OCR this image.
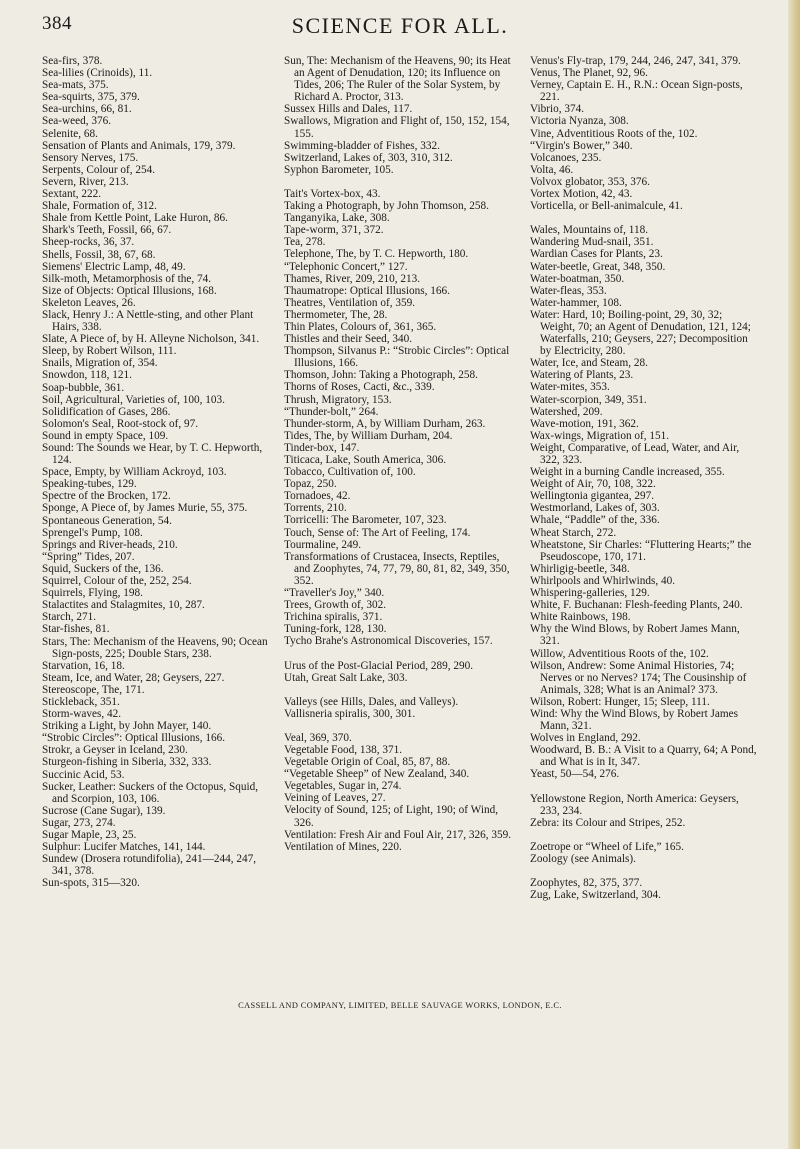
384	SCIENCE FOR ALL.

Sea-firs, 378.

Sea-lilies (Crinoids), 11.

Sea-mats, 375.

Sea-squirts, 375, 379.

Sea-urchins, 66, 81.

Sea-weed, 376.

Selenite, 68.

Sensation of Plants and Animals, 179, 379.

Sensory Nerves, 175.

Serpents, Colour of, 254.

Severn, River, 213.

Sextant, 222.

Shale, Formation of, 312.

Shale from Kettle Point, Lake Huron, 86.

Shark's Teeth, Fossil, 66, 67.

Sheep-rocks, 36, 37.

Shells, Fossil, 38, 67, 68.

Siemens' Electric Lamp, 48, 49.

Silk-moth, Metamorphosis of the, 74.

Size of Objects: Optical Illusions, 168.

Skeleton Leaves, 26.

Slack, Henry J.: A Nettle-sting, and other Plant Hairs, 338.

Slate, A Piece of, by H. Alleyne Nicholson, 341.

Sleep, by Robert Wilson, 111.

Snails, Migration of, 354.

Snowdon, 118, 121.

Soap-bubble, 361.

Soil, Agricultural, Varieties of, 100, 103.

Solidification of Gases, 286.

Solomon's Seal, Root-stock of, 97.

Sound in empty Space, 109.

Sound: The Sounds we Hear, by T. C. Hepworth, 124.

Space, Empty, by William Ackroyd, 103.

Speaking-tubes, 129.

Spectre of the Brocken, 172.

Sponge, A Piece of, by James Murie, 55, 375.

Spontaneous Generation, 54.

Sprengel's Pump, 108.

Springs and River-heads, 210.

“Spring” Tides, 207.

Squid, Suckers of the, 136.

Squirrel, Colour of the, 252, 254.

Squirrels, Flying, 198.

Stalactites and Stalagmites, 10, 287.

Starch, 271.

Star-fishes, 81.

Stars, The: Mechanism of the Heavens, 90; Ocean Sign-posts, 225; Double Stars, 238.

Starvation, 16, 18.

Steam, Ice, and Water, 28; Geysers, 227.

Stereoscope, The, 171.

Stickleback, 351.

Storm-waves, 42.

Striking a Light, by John Mayer, 140.

“Strobic Circles”: Optical Illusions, 166.

Strokr, a Geyser in Iceland, 230.

Sturgeon-fishing in Siberia, 332, 333.

Succinic Acid, 53.

Sucker, Leather: Suckers of the Octopus, Squid, and Scorpion, 103, 106.

Sucrose (Cane Sugar), 139.

Sugar, 273, 274.

Sugar Maple, 23, 25.

Sulphur: Lucifer Matches, 141, 144.

Sundew (Drosera rotundifolia), 241—244, 247, 341, 378.

Sun-spots, 315—320.

Sun, The: Mechanism of the Heavens, 90; its Heat an Agent of Denudation, 120; its Influence on Tides, 206; The Ruler of the Solar System, by Richard A. Proctor, 313.

Sussex Hills and Dales, 117.

Swallows, Migration and Flight of, 150, 152, 154, 155.

Swimming-bladder of Fishes, 332.

Switzerland, Lakes of, 303, 310, 312.

Syphon Barometer, 105.

Tait's Vortex-box, 43.

Taking a Photograph, by John Thomson, 258.

Tanganyika, Lake, 308.

Tape-worm, 371, 372.

Tea, 278.

Telephone, The, by T. C. Hepworth, 180.

“Telephonic Concert,” 127.

Thames, River, 209, 210, 213.

Thaumatrope: Optical Illusions, 166.

Theatres, Ventilation of, 359.

Thermometer, The, 28.

Thin Plates, Colours of, 361, 365.

Thistles and their Seed, 340.

Thompson, Silvanus P.: “Strobic Circles”: Optical Illusions, 166.

Thomson, John: Taking a Photograph, 258.

Thorns of Roses, Cacti, &c., 339.

Thrush, Migratory, 153.

“Thunder-bolt,” 264.

Thunder-storm, A, by William Durham, 263.

Tides, The, by William Durham, 204.

Tinder-box, 147.

Titicaca, Lake, South America, 306.

Tobacco, Cultivation of, 100.

Topaz, 250.

Tornadoes, 42.

Torrents, 210.

Torricelli: The Barometer, 107, 323.

Touch, Sense of: The Art of Feeling, 174.

Tourmaline, 249.

Transformations of Crustacea, Insects, Reptiles, and Zoophytes, 74, 77, 79, 80, 81, 82, 349, 350, 352.

“Traveller's Joy,” 340.

Trees, Growth of, 302.

Trichina spiralis, 371.

Tuning-fork, 128, 130.

Tycho Brahe's Astronomical Discoveries, 157.

Urus of the Post-Glacial Period, 289, 290.

Utah, Great Salt Lake, 303.

Valleys (see Hills, Dales, and Valleys).

Vallisneria spiralis, 300, 301.

Veal, 369, 370.

Vegetable Food, 138, 371.

Vegetable Origin of Coal, 85, 87, 88.

“Vegetable Sheep” of New Zealand, 340.

Vegetables, Sugar in, 274.

Veining of Leaves, 27.

Velocity of Sound, 125; of Light, 190; of Wind, 326.

Ventilation: Fresh Air and Foul Air, 217, 326, 359.

Ventilation of Mines, 220.

Venus's Fly-trap, 179, 244, 246, 247, 341, 379.

Venus, The Planet, 92, 96.

Verney, Captain E. H., R.N.: Ocean Sign-posts, 221.

Vibrio, 374.

Victoria Nyanza, 308.

Vine, Adventitious Roots of the, 102.

“Virgin's Bower,” 340.

Volcanoes, 235.

Volta, 46.

Volvox globator, 353, 376.

Vortex Motion, 42, 43.

Vorticella, or Bell-animalcule, 41.

Wales, Mountains of, 118.

Wandering Mud-snail, 351.

Wardian Cases for Plants, 23.

Water-beetle, Great, 348, 350.

Water-boatman, 350.

Water-fleas, 353.

Water-hammer, 108.

Water: Hard, 10; Boiling-point, 29, 30, 32; Weight, 70; an Agent of Denudation, 121, 124; Waterfalls, 210; Geysers, 227; Decomposition by Electricity, 280.

Water, Ice, and Steam, 28.

Watering of Plants, 23.

Water-mites, 353.

Water-scorpion, 349, 351.

Watershed, 209.

Wave-motion, 191, 362.

Wax-wings, Migration of, 151.

Weight, Comparative, of Lead, Water, and Air, 322, 323.

Weight in a burning Candle increased, 355.

Weight of Air, 70, 108, 322.

Wellingtonia gigantea, 297.

Westmorland, Lakes of, 303.

Whale, “Paddle” of the, 336.

Wheat Starch, 272.

Wheatstone, Sir Charles: “Fluttering Hearts;” the Pseudoscope, 170, 171.

Whirligig-beetle, 348.

Whirlpools and Whirlwinds, 40.

Whispering-galleries, 129.

White, F. Buchanan: Flesh-feeding Plants, 240.

White Rainbows, 198.

Why the Wind Blows, by Robert James Mann, 321.

Willow, Adventitious Roots of the, 102.

Wilson, Andrew: Some Animal Histories, 74; Nerves or no Nerves? 174; The Cousinship of Animals, 328; What is an Animal? 373.

Wilson, Robert: Hunger, 15; Sleep, 111.

Wind: Why the Wind Blows, by Robert James Mann, 321.

Wolves in England, 292.

Woodward, B. B.: A Visit to a Quarry, 64; A Pond, and What is in It, 347.

Yeast, 50—54, 276.

Yellowstone Region, North America: Geysers, 233, 234.

Zebra: its Colour and Stripes, 252.

Zoetrope or “Wheel of Life,” 165.

Zoology (see Animals).

Zoophytes, 82, 375, 377.

Zug, Lake, Switzerland, 304.

CASSELL AND COMPANY, LIMITED, BELLE SAUVAGE WORKS, LONDON, E.C.
